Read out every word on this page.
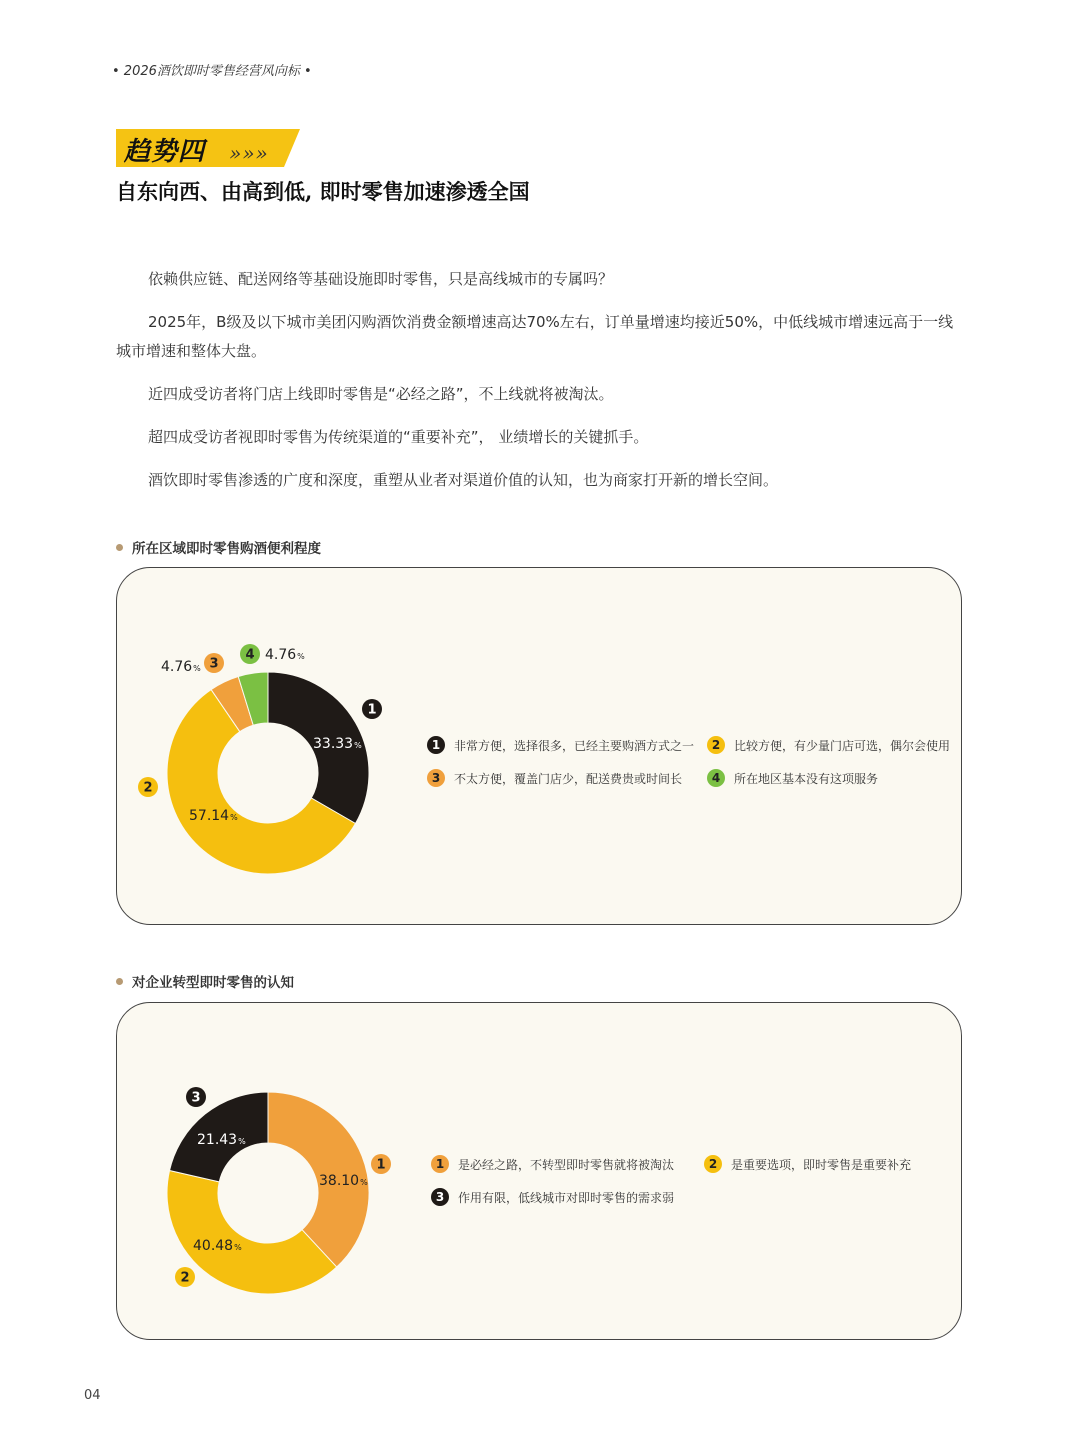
• 2026酒饮即时零售经营风向标 •
趋势四 »»»
自东向西、由高到低, 即时零售加速渗透全国

依赖供应链、配送网络等基础设施即时零售，只是高线城市的专属吗？

2025年，B级及以下城市美团闪购酒饮消费金额增速高达70%左右，订单量增速均接近50%，中低线城市增速远高于一线城市增速和整体大盘。

近四成受访者将门店上线即时零售是“必经之路”，不上线就将被淘汰。

超四成受访者视即时零售为传统渠道的“重要补充”， 业绩增长的关键抓手。

酒饮即时零售渗透的广度和深度，重塑从业者对渠道价值的认知，也为商家打开新的增长空间。

所在区域即时零售购酒便利程度
33.33%
1
57.14%
2
4.76% 3
4.76%
4
1	非常方便，选择很多，已经主要购酒方式之一	2	比较方便，有少量门店可选，偶尔会使用
3	不太方便，覆盖门店少，配送费贵或时间长	4	所在地区基本没有这项服务
对企业转型即时零售的认知
38.10%
1
40.48%
2
21.43%
3
1	是必经之路，不转型即时零售就将被淘汰	2	是重要选项，即时零售是重要补充
3	作用有限，低线城市对即时零售的需求弱
04
